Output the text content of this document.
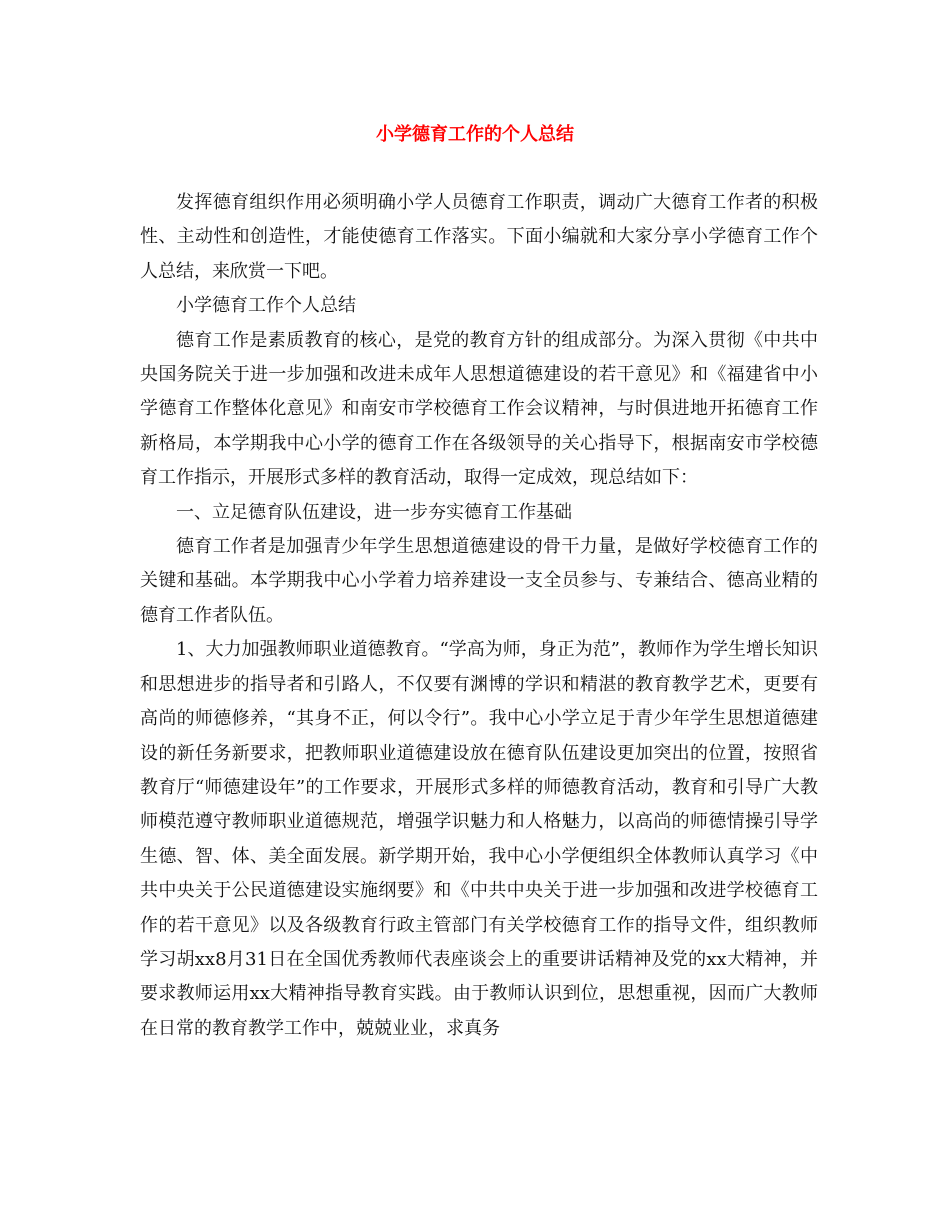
小学德育工作的个人总结

发挥德育组织作用必须明确小学人员德育工作职责，调动广大德育工作者的积极性、主动性和创造性，才能使德育工作落实。下面小编就和大家分享小学德育工作个人总结，来欣赏一下吧。

小学德育工作个人总结

德育工作是素质教育的核心，是党的教育方针的组成部分。为深入贯彻《中共中央国务院关于进一步加强和改进未成年人思想道德建设的若干意见》和《福建省中小学德育工作整体化意见》和南安市学校德育工作会议精神，与时俱进地开拓德育工作新格局，本学期我中心小学的德育工作在各级领导的关心指导下，根据南安市学校德育工作指示，开展形式多样的教育活动，取得一定成效，现总结如下：

一、立足德育队伍建设，进一步夯实德育工作基础

德育工作者是加强青少年学生思想道德建设的骨干力量，是做好学校德育工作的关键和基础。本学期我中心小学着力培养建设一支全员参与、专兼结合、德高业精的德育工作者队伍。

1、大力加强教师职业道德教育。“学高为师，身正为范”，教师作为学生增长知识和思想进步的指导者和引路人，不仅要有渊博的学识和精湛的教育教学艺术，更要有高尚的师德修养，“其身不正，何以令行”。我中心小学立足于青少年学生思想道德建设的新任务新要求，把教师职业道德建设放在德育队伍建设更加突出的位置，按照省教育厅“师德建设年”的工作要求，开展形式多样的师德教育活动，教育和引导广大教师模范遵守教师职业道德规范，增强学识魅力和人格魅力，以高尚的师德情操引导学生德、智、体、美全面发展。新学期开始，我中心小学便组织全体教师认真学习《中共中央关于公民道德建设实施纲要》和《中共中央关于进一步加强和改进学校德育工作的若干意见》以及各级教育行政主管部门有关学校德育工作的指导文件，组织教师学习胡xx8月31日在全国优秀教师代表座谈会上的重要讲话精神及党的xx大精神，并要求教师运用xx大精神指导教育实践。由于教师认识到位，思想重视，因而广大教师在日常的教育教学工作中，兢兢业业，求真务
